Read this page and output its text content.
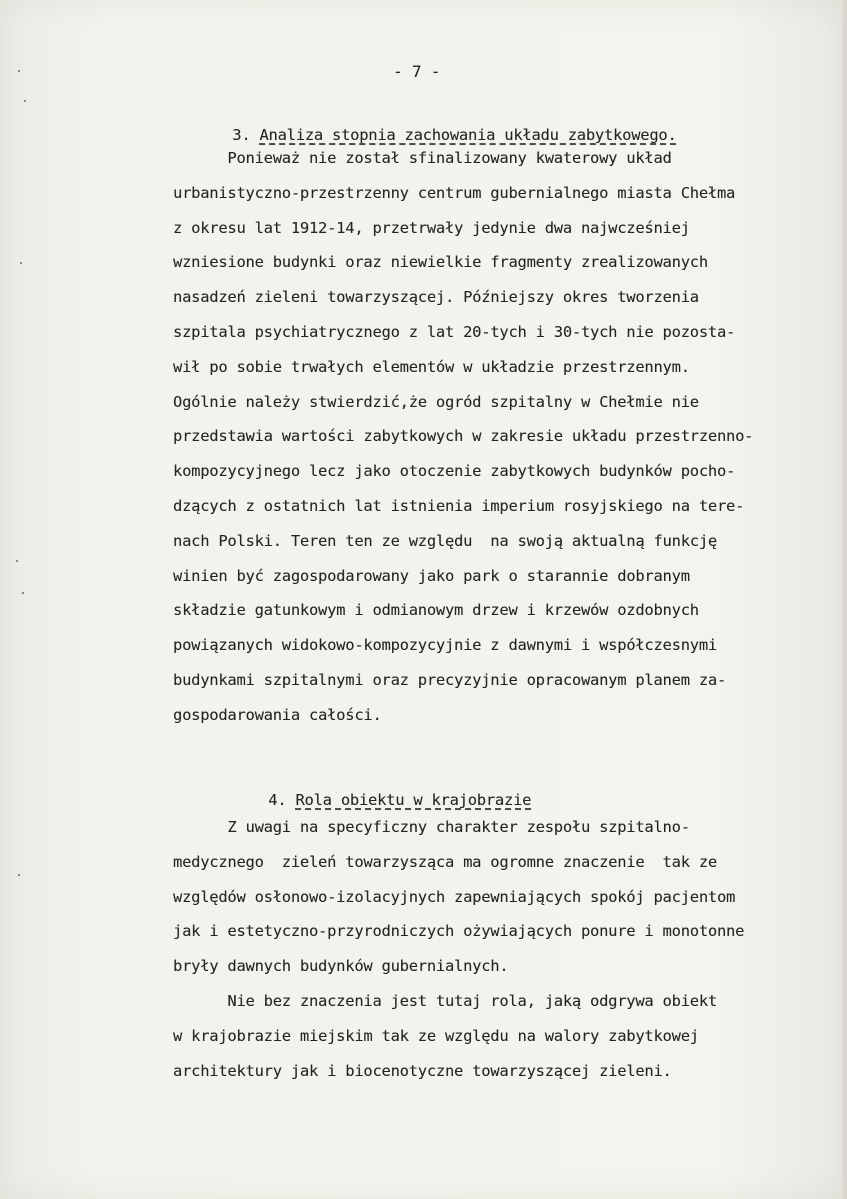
- 7 -

3. Analiza stopnia zachowania układu zabytkowego.

Ponieważ nie został sfinalizowany kwaterowy układ
urbanistyczno-przestrzenny centrum gubernialnego miasta Chełma
z okresu lat 1912-14, przetrwały jedynie dwa najwcześniej
wzniesione budynki oraz niewielkie fragmenty zrealizowanych
nasadzeń zieleni towarzyszącej. Późniejszy okres tworzenia
szpitala psychiatrycznego z lat 20-tych i 30-tych nie pozosta-
wił po sobie trwałych elementów w układzie przestrzennym.
Ogólnie należy stwierdzić,że ogród szpitalny w Chełmie nie
przedstawia wartości zabytkowych w zakresie układu przestrzenno-
kompozycyjnego lecz jako otoczenie zabytkowych budynków pocho-
dzących z ostatnich lat istnienia imperium rosyjskiego na tere-
nach Polski. Teren ten ze względu  na swoją aktualną funkcję
winien być zagospodarowany jako park o starannie dobranym
składzie gatunkowym i odmianowym drzew i krzewów ozdobnych
powiązanych widokowo-kompozycyjnie z dawnymi i współczesnymi
budynkami szpitalnymi oraz precyzyjnie opracowanym planem za-
gospodarowania całości.

4. Rola obiektu w krajobrazie

Z uwagi na specyficzny charakter zespołu szpitalno-
medycznego  zieleń towarzysząca ma ogromne znaczenie  tak ze
względów osłonowo-izolacyjnych zapewniających spokój pacjentom
jak i estetyczno-przyrodniczych ożywiających ponure i monotonne
bryły dawnych budynków gubernialnych.
Nie bez znaczenia jest tutaj rola, jaką odgrywa obiekt
w krajobrazie miejskim tak ze względu na walory zabytkowej
architektury jak i biocenotyczne towarzyszącej zieleni.
